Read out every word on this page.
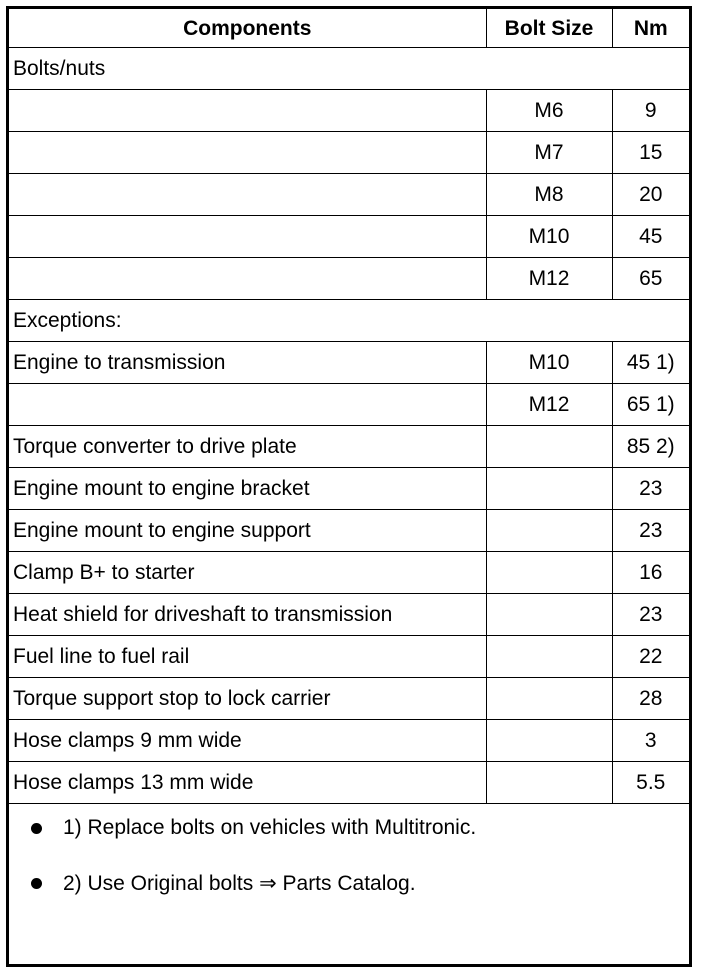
Components	Bolt Size	Nm
Bolts/nuts		
	M6	9
	M7	15
	M8	20
	M10	45
	M12	65
Exceptions:		
Engine to transmission	M10	45 1)
	M12	65 1)
Torque converter to drive plate		85 2)
Engine mount to engine bracket		23
Engine mount to engine support		23
Clamp B+ to starter		16
Heat shield for driveshaft to transmission		23
Fuel line to fuel rail		22
Torque support stop to lock carrier		28
Hose clamps 9 mm wide		3
Hose clamps 13 mm wide		5.5
1) Replace bolts on vehicles with Multitronic.
2) Use Original bolts ⇒ Parts Catalog.
